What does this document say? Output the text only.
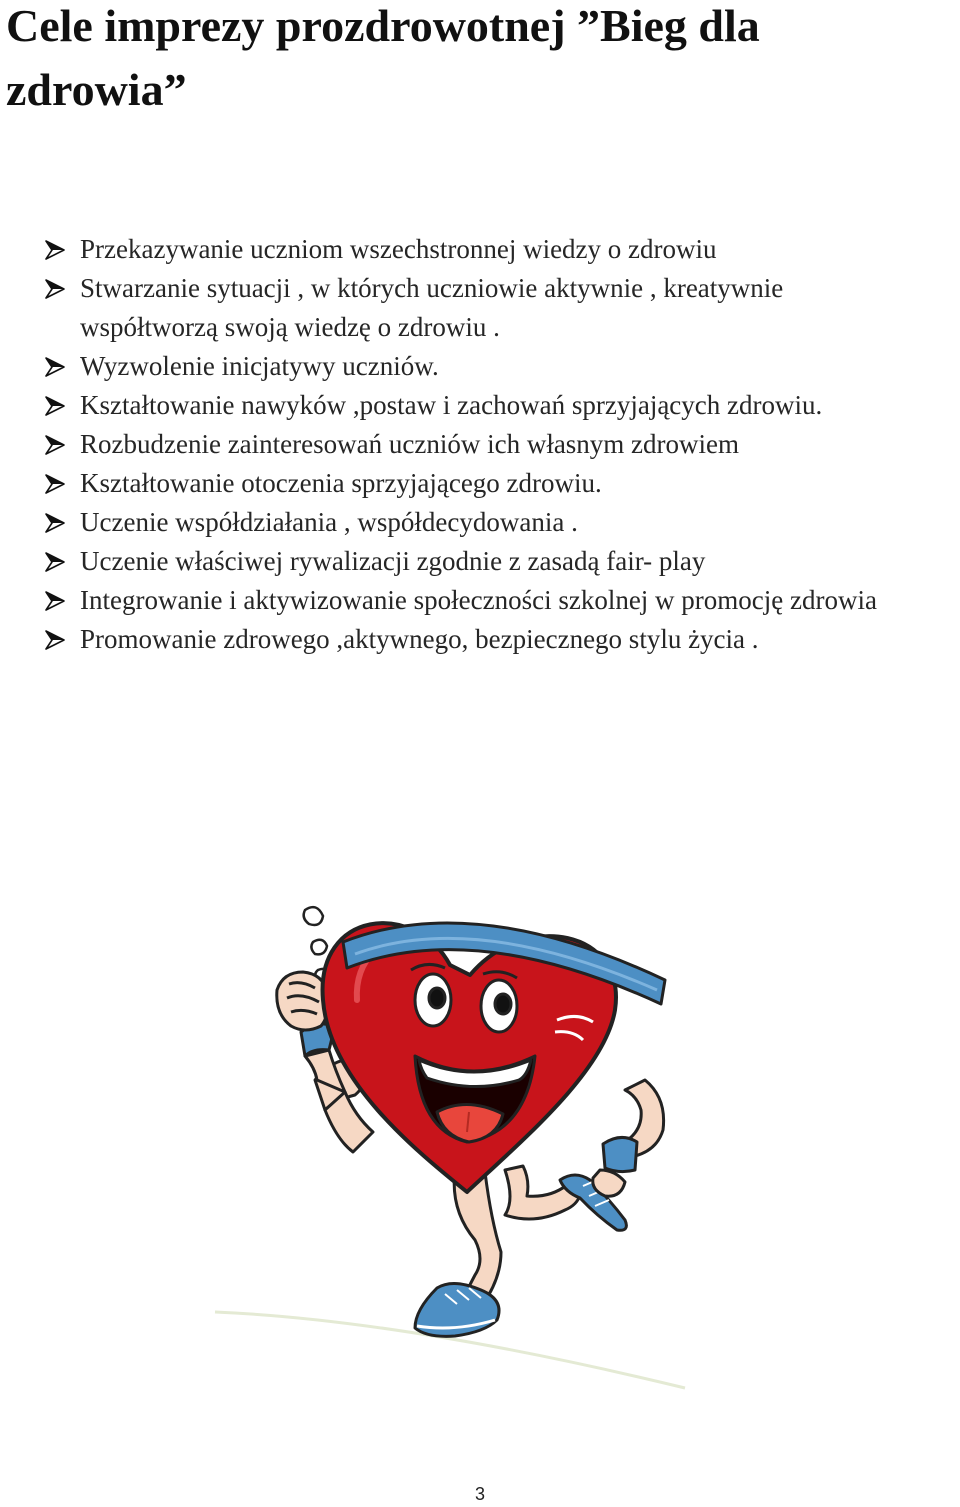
Cele imprezy prozdrowotnej ”Bieg dla zdrowia”
Przekazywanie uczniom wszechstronnej wiedzy o zdrowiu
Stwarzanie sytuacji , w których uczniowie aktywnie , kreatywnie współtworzą swoją wiedzę o zdrowiu .
Wyzwolenie inicjatywy uczniów.
Kształtowanie nawyków ,postaw i zachowań sprzyjających zdrowiu.
Rozbudzenie zainteresowań uczniów ich własnym zdrowiem
Kształtowanie otoczenia sprzyjającego zdrowiu.
Uczenie współdziałania , współdecydowania .
Uczenie właściwej rywalizacji zgodnie z zasadą fair- play
Integrowanie i aktywizowanie społeczności szkolnej w promocję zdrowia
Promowanie zdrowego ,aktywnego, bezpiecznego stylu życia .
3
